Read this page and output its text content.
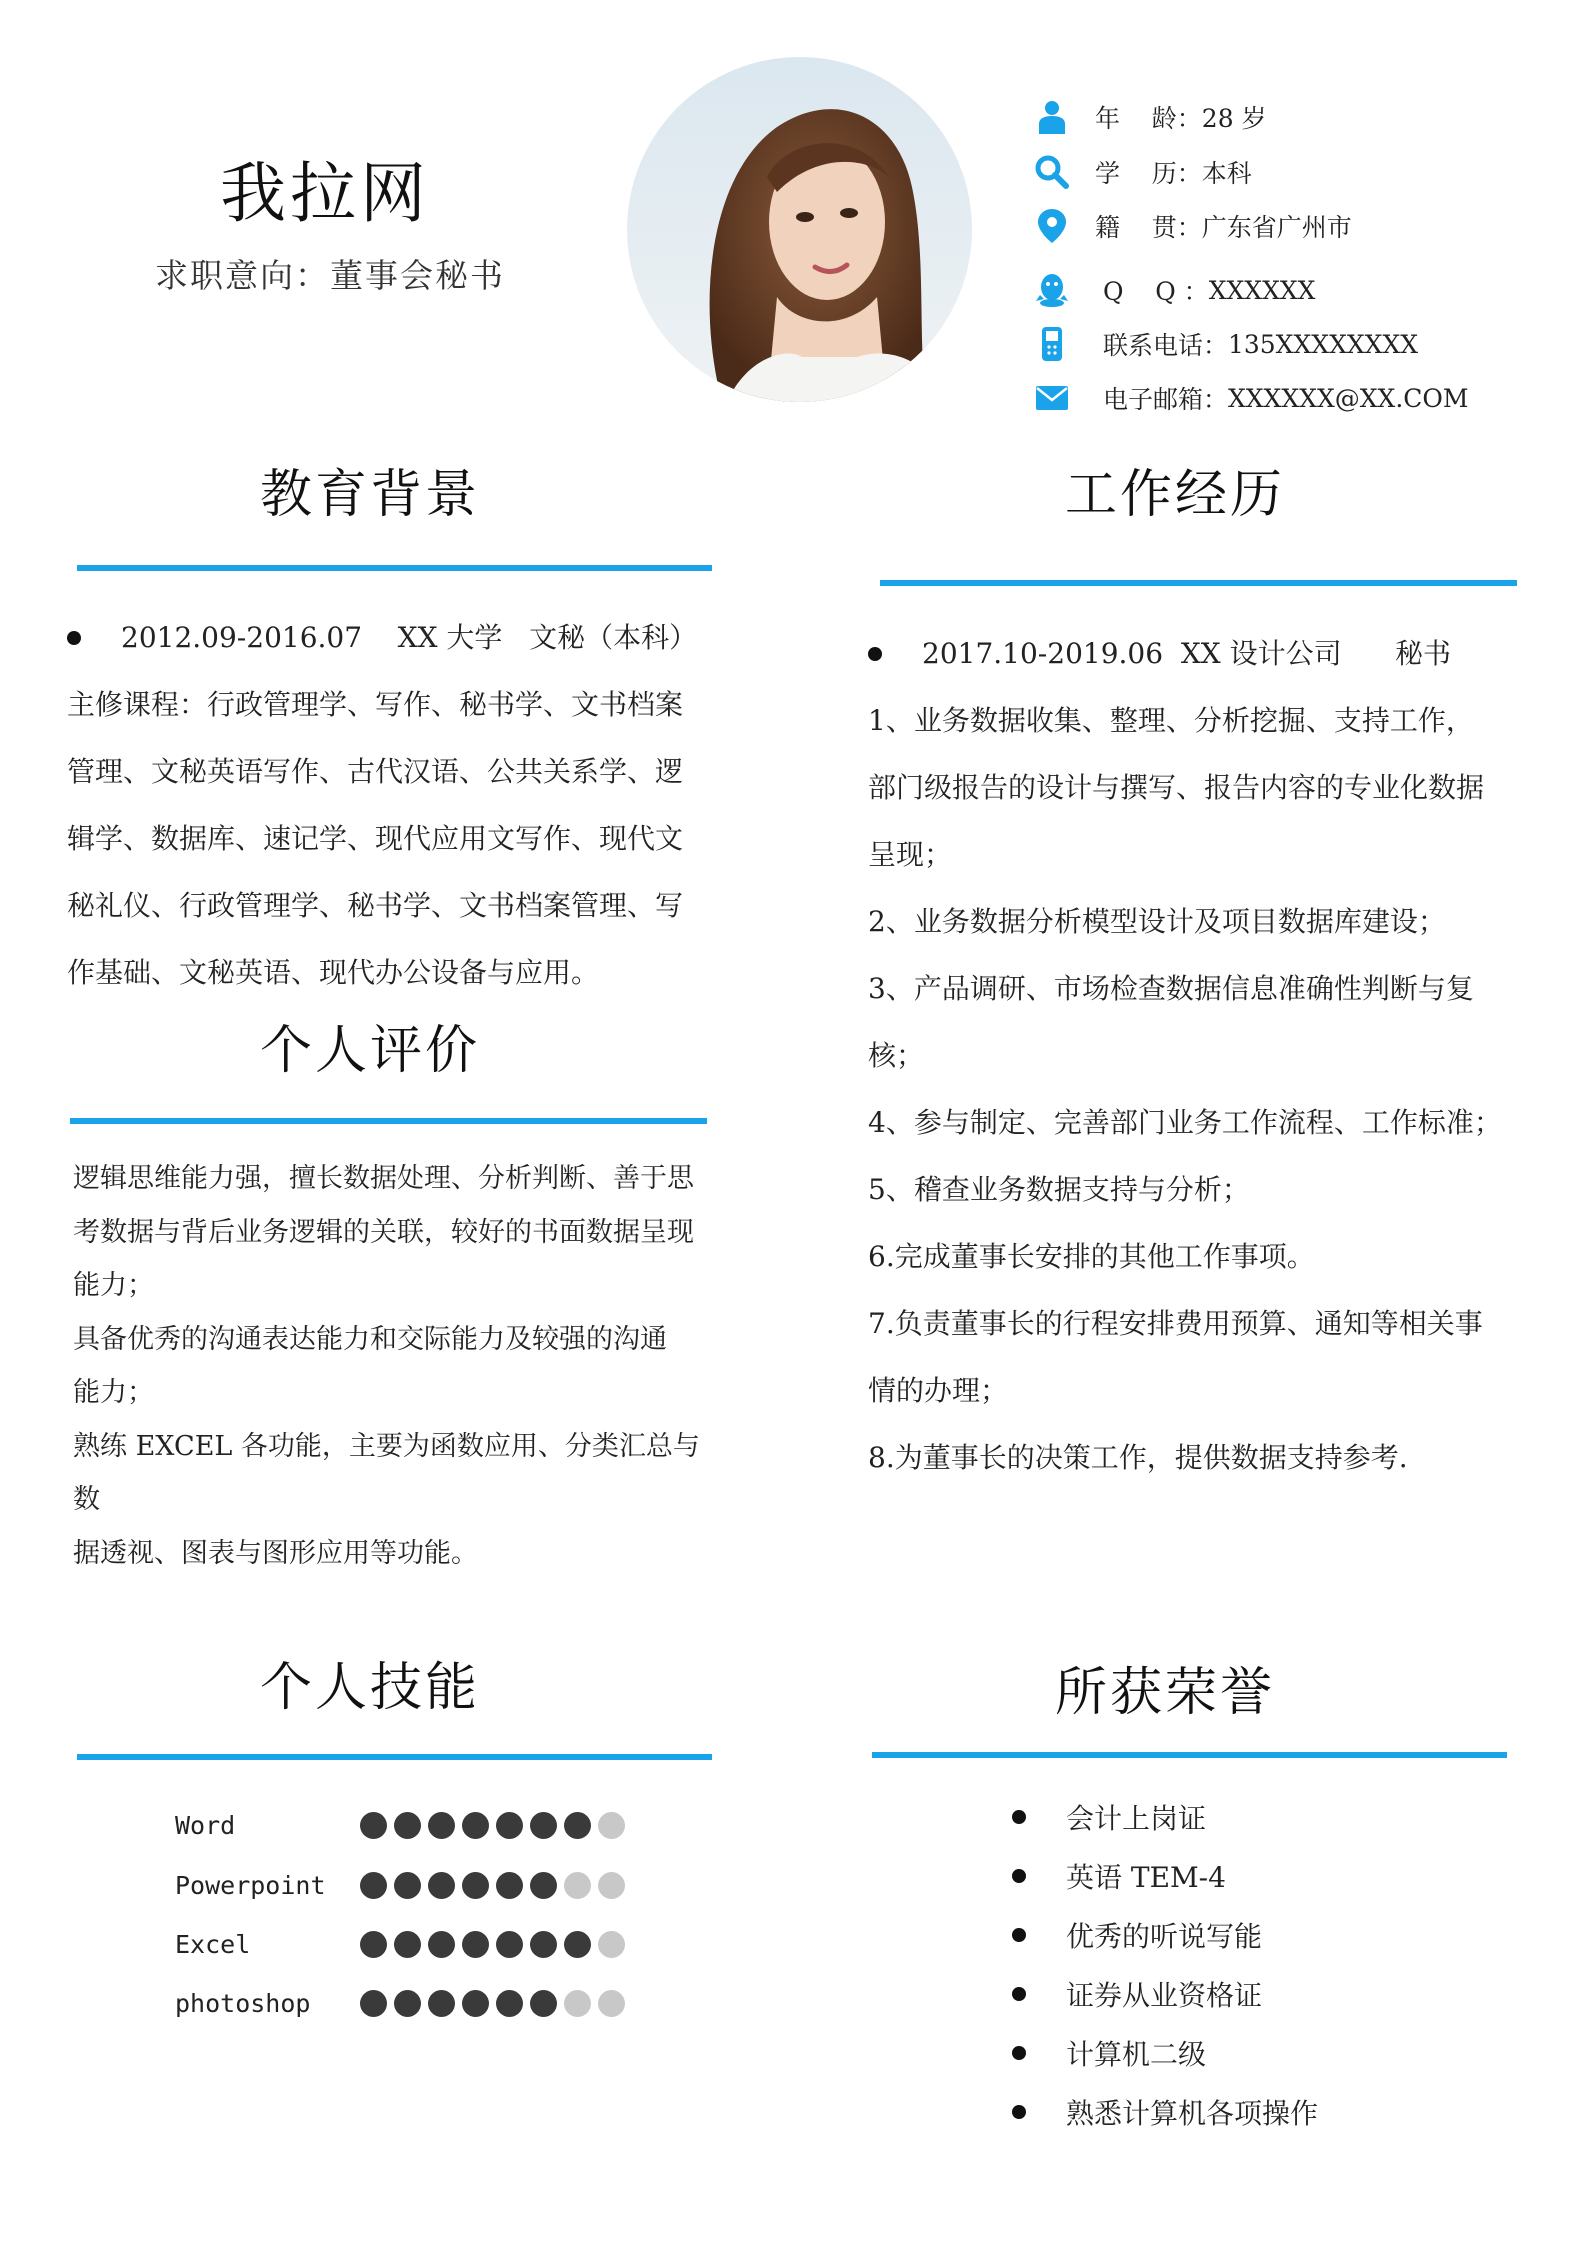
我拉网
求职意向：董事会秘书
年    龄： 28 岁
学    历： 本科
籍    贯： 广东省广州市
Q    Q ： XXXXXX
联系电话： 135XXXXXXXX
电子邮箱： XXXXXX@XX.COM
教育背景
2012.09-2016.07    XX 大学   文秘（本科）

主修课程：行政管理学、写作、秘书学、文书档案

管理、文秘英语写作、古代汉语、公共关系学、逻

辑学、数据库、速记学、现代应用文写作、现代文

秘礼仪、行政管理学、秘书学、文书档案管理、写

作基础、文秘英语、现代办公设备与应用。

个人评价

逻辑思维能力强，擅长数据处理、分析判断、善于思

考数据与背后业务逻辑的关联，较好的书面数据呈现

能力；

具备优秀的沟通表达能力和交际能力及较强的沟通

能力；

熟练 EXCEL 各功能，主要为函数应用、分类汇总与数

据透视、图表与图形应用等功能。

工作经历
2017.10-2019.06  XX 设计公司      秘书

1、业务数据收集、整理、分析挖掘、支持工作，

部门级报告的设计与撰写、报告内容的专业化数据

呈现；

2、业务数据分析模型设计及项目数据库建设；

3、产品调研、市场检查数据信息准确性判断与复

核；

4、参与制定、完善部门业务工作流程、工作标准；

5、稽查业务数据支持与分析；

6.完成董事长安排的其他工作事项。

7.负责董事长的行程安排费用预算、通知等相关事

情的办理；

8.为董事长的决策工作，提供数据支持参考.

个人技能
Word
Powerpoint
Excel
photoshop
所获荣誉
会计上岗证
英语 TEM-4
优秀的听说写能
证券从业资格证
计算机二级
熟悉计算机各项操作
